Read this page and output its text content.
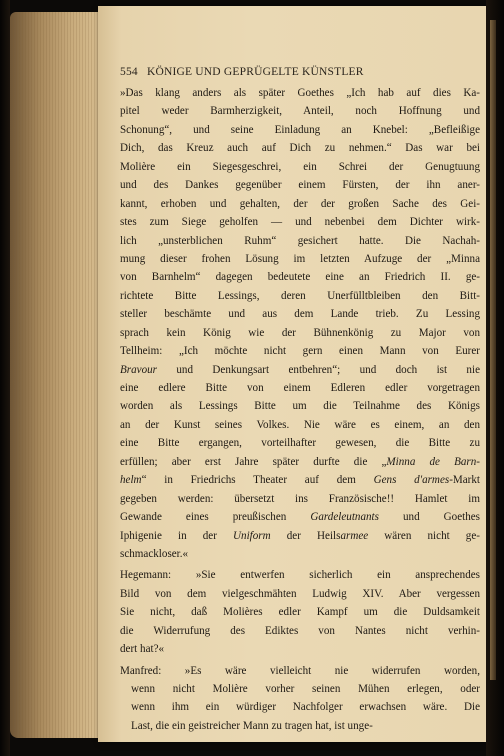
554 KÖNIGE UND GEPRÜGELTE KÜNSTLER
»Das klang anders als später Goethes „Ich hab auf dies Ka-
pitel weder Barmherzigkeit, Anteil, noch Hoffnung und
Schonung“, und seine Einladung an Knebel: „Befleißige
Dich, das Kreuz auch auf Dich zu nehmen.“ Das war bei
Molière ein Siegesgeschrei, ein Schrei der Genugtuung
und des Dankes gegenüber einem Fürsten, der ihn aner-
kannt, erhoben und gehalten, der der großen Sache des Gei-
stes zum Siege geholfen — und nebenbei dem Dichter wirk-
lich „unsterblichen Ruhm“ gesichert hatte. Die Nachah-
mung dieser frohen Lösung im letzten Aufzuge der „Minna
von Barnhelm“ dagegen bedeutete eine an Friedrich II. ge-
richtete Bitte Lessings, deren Unerfülltbleiben den Bitt-
steller beschämte und aus dem Lande trieb. Zu Lessing
sprach kein König wie der Bühnenkönig zu Major von
Tellheim: „Ich möchte nicht gern einen Mann von Eurer
Bravour und Denkungsart entbehren“; und doch ist nie
eine edlere Bitte von einem Edleren edler vorgetragen
worden als Lessings Bitte um die Teilnahme des Königs
an der Kunst seines Volkes. Nie wäre es einem, an den
eine Bitte ergangen, vorteilhafter gewesen, die Bitte zu
erfüllen; aber erst Jahre später durfte die „Minna de Barn-
helm“ in Friedrichs Theater auf dem Gens d'armes-Markt
gegeben werden: übersetzt ins Französische!! Hamlet im
Gewande eines preußischen Gardeleutnants und Goethes
Iphigenie in der Uniform der Heilsarmee wären nicht ge-
schmackloser.«
Hegemann: »Sie entwerfen sicherlich ein ansprechendes
Bild von dem vielgeschmähten Ludwig XIV. Aber vergessen
Sie nicht, daß Molières edler Kampf um die Duldsamkeit
die Widerrufung des Ediktes von Nantes nicht verhin-
dert hat?«
Manfred: »Es wäre vielleicht nie widerrufen worden,
wenn nicht Molière vorher seinen Mühen erlegen, oder
wenn ihm ein würdiger Nachfolger erwachsen wäre. Die
Last, die ein geistreicher Mann zu tragen hat, ist unge-
